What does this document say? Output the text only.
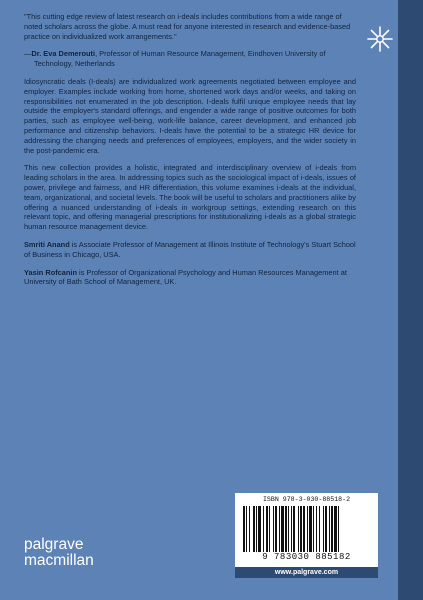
"This cutting edge review of latest research on i-deals includes contributions from a wide range of noted scholars across the globe. A must read for anyone interested in research and evidence-based practice on individualized work arrangements."

—Dr. Eva Demerouti, Professor of Human Resource Management, Eindhoven University of Technology, Netherlands

Idiosyncratic deals (I-deals) are individualized work agreements negotiated between employee and employer. Examples include working from home, shortened work days and/or weeks, and taking on responsibilities not enumerated in the job description. I-deals fulfil unique employee needs that lay outside the employer's standard offerings, and engender a wide range of positive outcomes for both parties, such as employee well-being, work-life balance, career development, and enhanced job performance and citizenship behaviors. I-deals have the potential to be a strategic HR device for addressing the changing needs and preferences of employees, employers, and the wider society in the post-pandemic era.

This new collection provides a holistic, integrated and interdisciplinary overview of i-deals from leading scholars in the area. In addressing topics such as the sociological impact of i-deals, issues of power, privilege and fairness, and HR differentiation, this volume examines i-deals at the individual, team, organizational, and societal levels. The book will be useful to scholars and practitioners alike by offering a nuanced understanding of i-deals in workgroup settings, extending research on this relevant topic, and offering managerial prescriptions for institutionalizing i-deals as a global strategic human resource management device.

Smriti Anand is Associate Professor of Management at Illinois Institute of Technology's Stuart School of Business in Chicago, USA.

Yasin Rofcanin is Professor of Organizational Psychology and Human Resources Management at University of Bath School of Management, UK.

ISBN 978-3-030-88518-2
9 783030 885182
www.palgrave.com
palgrave
macmillan
